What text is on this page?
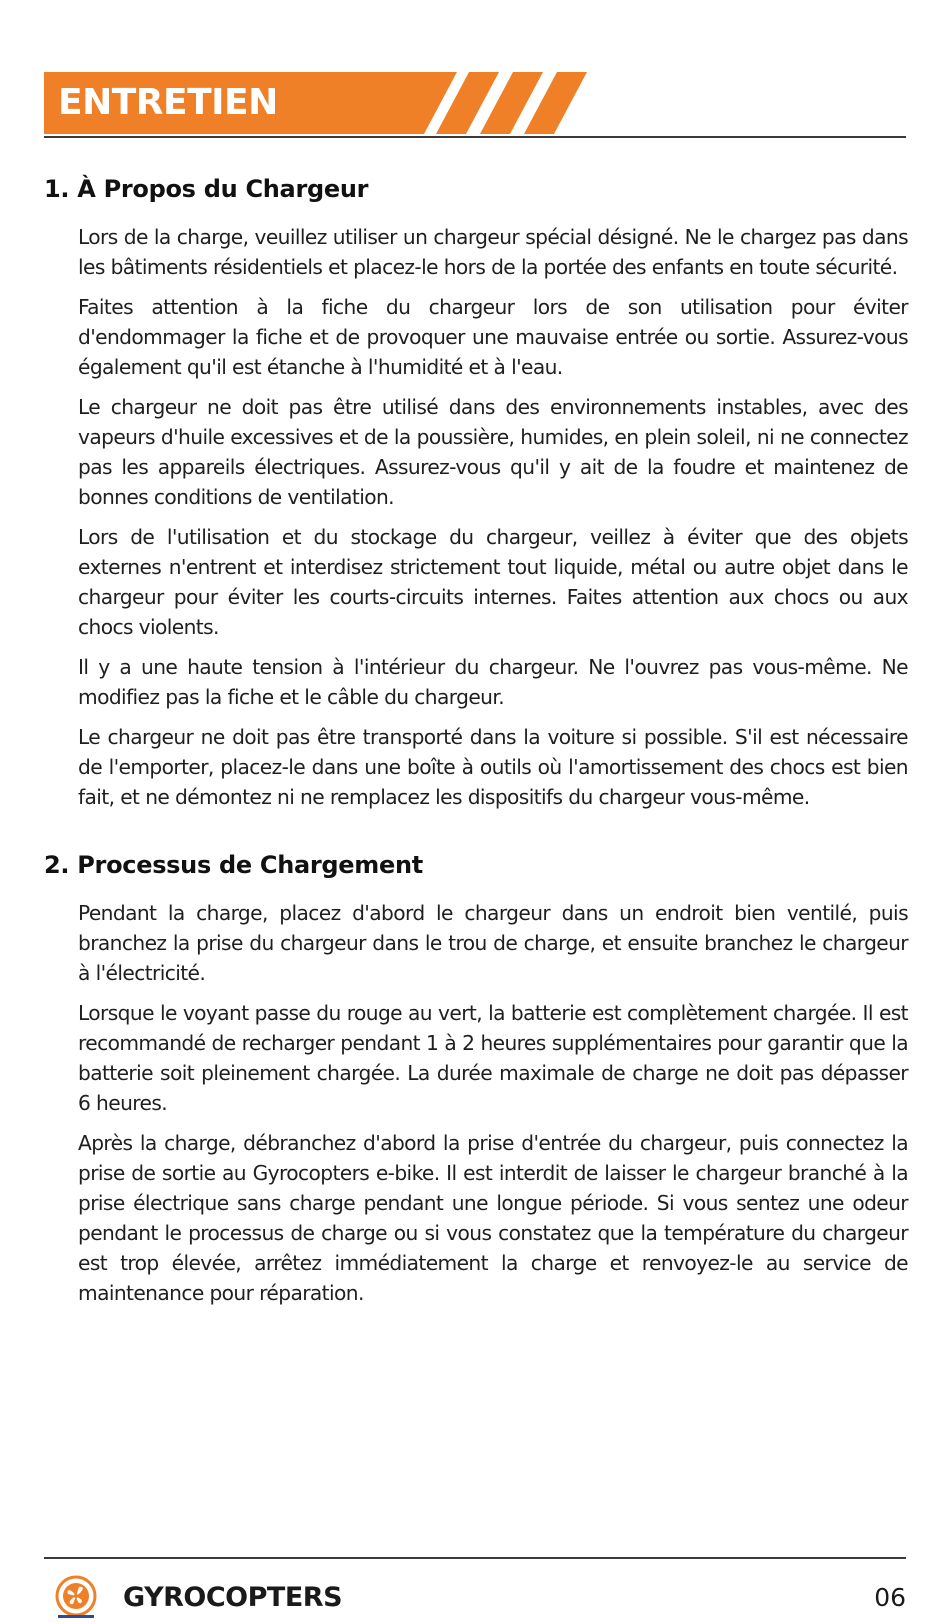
ENTRETIEN
1. À Propos du Chargeur

Lors de la charge, veuillez utiliser un chargeur spécial désigné. Ne le chargez pas dans les bâtiments résidentiels et placez-le hors de la portée des enfants en toute sécurité.

Faites attention à la fiche du chargeur lors de son utilisation pour éviter d'endommager la fiche et de provoquer une mauvaise entrée ou sortie. Assurez-vous également qu'il est étanche à l'humidité et à l'eau.

Le chargeur ne doit pas être utilisé dans des environnements instables, avec des vapeurs d'huile excessives et de la poussière, humides, en plein soleil, ni ne connectez pas les appareils électriques. Assurez-vous qu'il y ait de la foudre et maintenez de bonnes conditions de ventilation.

Lors de l'utilisation et du stockage du chargeur, veillez à éviter que des objets externes n'entrent et interdisez strictement tout liquide, métal ou autre objet dans le chargeur pour éviter les courts-circuits internes. Faites attention aux chocs ou aux chocs violents.

Il y a une haute tension à l'intérieur du chargeur. Ne l'ouvrez pas vous-même. Ne modifiez pas la fiche et le câble du chargeur.

Le chargeur ne doit pas être transporté dans la voiture si possible. S'il est nécessaire de l'emporter, placez-le dans une boîte à outils où l'amortissement des chocs est bien fait, et ne démontez ni ne remplacez les dispositifs du chargeur vous-même.

2. Processus de Chargement

Pendant la charge, placez d'abord le chargeur dans un endroit bien ventilé, puis branchez la prise du chargeur dans le trou de charge, et ensuite branchez le chargeur à l'électricité.

Lorsque le voyant passe du rouge au vert, la batterie est complètement chargée. Il est recommandé de recharger pendant 1 à 2 heures supplémentaires pour garantir que la batterie soit pleinement chargée. La durée maximale de charge ne doit pas dépasser 6 heures.

Après la charge, débranchez d'abord la prise d'entrée du chargeur, puis connectez la prise de sortie au Gyrocopters e-bike. Il est interdit de laisser le chargeur branché à la prise électrique sans charge pendant une longue période. Si vous sentez une odeur pendant le processus de charge ou si vous constatez que la température du chargeur est trop élevée, arrêtez immédiatement la charge et renvoyez-le au service de maintenance pour réparation.

GYROCOPTERS	06
